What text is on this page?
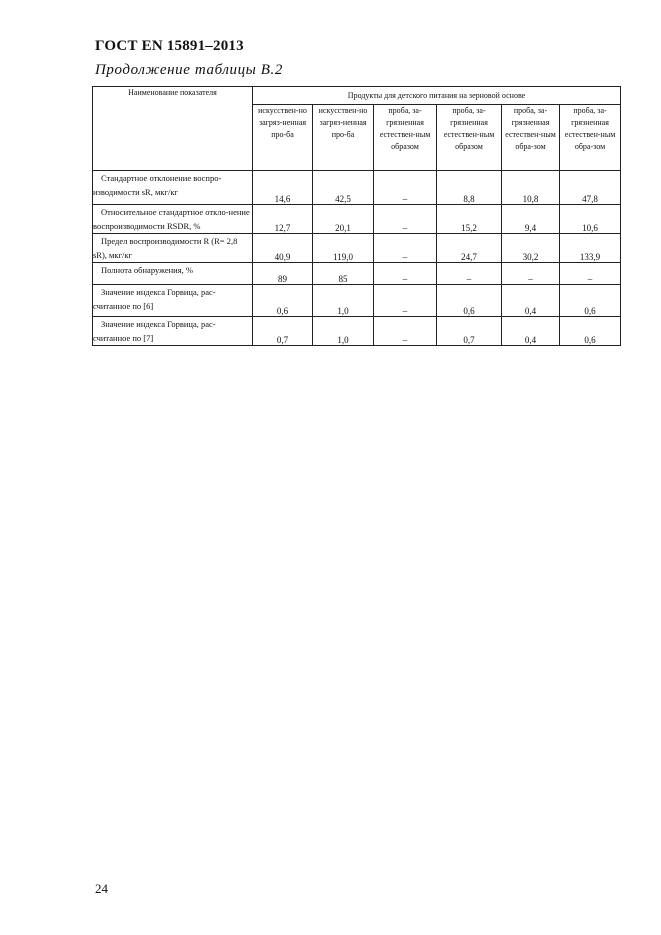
ГОСТ EN 15891–2013
Продолжение таблицы В.2
Наименование показателя	Продукты для детского питания на зерновой основе					
	искусствен-но загряз-ненная про-ба	искусствен-но загряз-ненная про-ба	проба, за-грязненная естествен-ным образом	проба, за-грязненная естествен-ным образом	проба, за-грязненная естествен-ным обра-зом	проба, за-грязненная естествен-ным обра-зом
Стандартное отклонение воспро-изводимости sR, мкг/кг	14,6	42,5	–	8,8	10,8	47,8
Относительное стандартное откло-нение воспроизводимости RSDR, %	12,7	20,1	–	15,2	9,4	10,6
Предел воспроизводимости R (R= 2,8 sR), мкг/кг	40,9	119,0	–	24,7	30,2	133,9
Полнота обнаружения, %	89	85	–	–	–	–
Значение индекса Горвица, рас-считанное по [6]	0,6	1,0	–	0,6	0,4	0,6
Значение индекса Горвица, рас-считанное по [7]	0,7	1,0	–	0,7	0,4	0,6
24
